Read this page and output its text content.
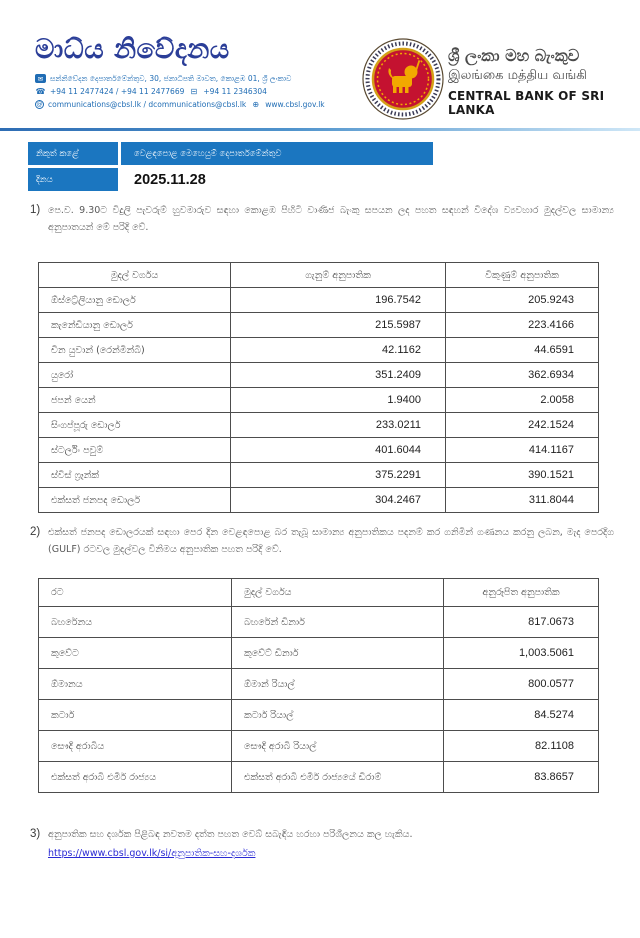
මාධ්ය නිවේදනය
✉ සන්නිවේදන දෙපාර්තමේන්තුව, 30, ජනාධිපති මාවත, කොළඹ 01, ශ්‍රී ලංකාව
☎ +94 11 2477424 / +94 11 2477669 ⊟ +94 11 2346304
@ communications@cbsl.lk / dcommunications@cbsl.lk ⊕ www.cbsl.gov.lk
ශ්‍රී ලංකා මහ බැංකුව
இலங்கை மத்திய வங்கி
CENTRAL BANK OF SRI LANKA
නිකුත් කළේ	වෙළඳපොළ මෙහෙයුම් දෙපාර්තමේන්තුව
දිනය	2025.11.28
1) පෙ.ව. 9.30ට විදුලි පැවරුම් හුවමාරුව සඳහා කොළඹ පිහිටි වාණිජ බැංකු සපයන ලද පහත සඳහන් විදේශ ව්‍යවහාර මුදල්වල සාමාන්‍ය අනුපාතයන් මේ පරිදි වේ.
මුදල් වර්ගය	ගැනුම් අනුපාතික	විකුණුම් අනුපාතික
ඕස්ට්‍රේලියානු ඩොලර්	196.7542	205.9243
කැනේඩියානු ඩොලර්	215.5987	223.4166
චීන යුවාන් (රෙන්මින්බි)	42.1162	44.6591
යුරෝ	351.2409	362.6934
ජපන් යෙන්	1.9400	2.0058
සිංගප්පූරු ඩොලර්	233.0211	242.1524
ස්ටර්ලිං පවුම්	401.6044	414.1167
ස්විස් ෆ්‍රෑන්ක්	375.2291	390.1521
එක්සත් ජනපද ඩොලර්	304.2467	311.8044
2) එක්සත් ජනපද ඩොලරයක් සඳහා පෙර දින වෙළඳපොළ බර තැබූ සාමාන්‍ය අනුපාතිකය පදනම් කර ගනිමින් ගණනය කරනු ලබන, මැද පෙරදිග (GULF) රටවල මුදල්වල විනිමය අනුපාතික පහත පරිදි වේ.
රට	මුදල් වර්ගය	අනුරූපිත අනුපාතික
බහරේනය	බහරේන් ඩිනාර්	817.0673
කුවේට	කුවේට් ඩිනාර්	1,003.5061
ඕමානය	ඕමාන් රියාල්	800.0577
කටාර්	කටාර් රියාල්	84.5274
සෞදි අරාබිය	සෞදි අරාබි රියාල්	82.1108
එක්සත් අරාබි එමීර් රාජ්‍යය	එක්සත් අරාබි එමීර් රාජ්‍යයේ ඩිරාම්	83.8657
3) අනුපාතික සහ දර්ශක පිළිබඳ නවතම දත්ත පහත වෙබ් සබැඳිය හරහා පරිශීලනය කල හැකිය.
https://www.cbsl.gov.lk/si/අනුපාතික-සහ-දර්ශක
